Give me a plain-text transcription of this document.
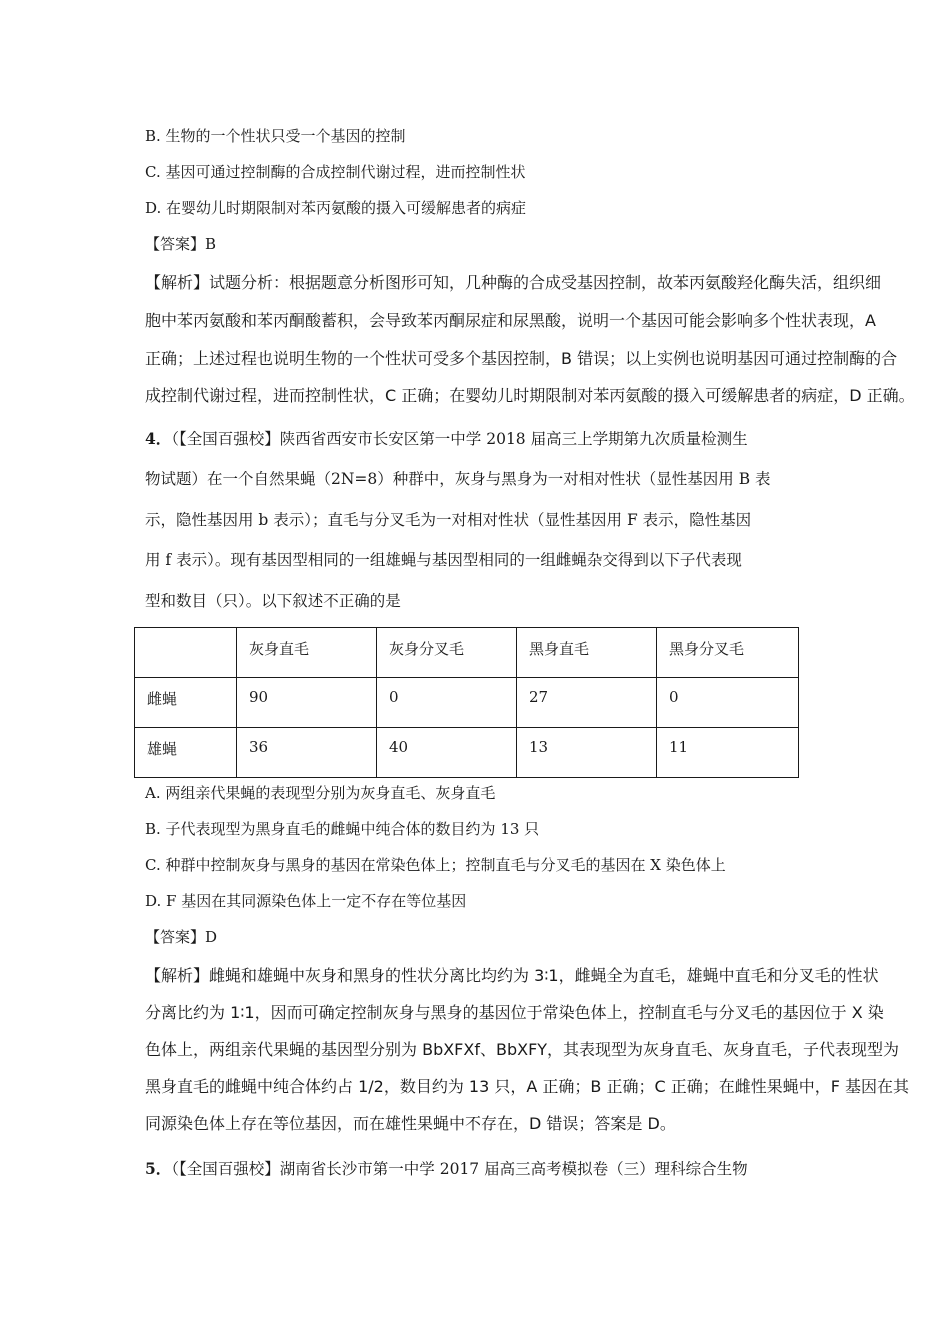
B. 生物的一个性状只受一个基因的控制
C. 基因可通过控制酶的合成控制代谢过程，进而控制性状
D. 在婴幼儿时期限制对苯丙氨酸的摄入可缓解患者的病症
【答案】B
【解析】试题分析：根据题意分析图形可知，几种酶的合成受基因控制，故苯丙氨酸羟化酶失活，组织细
胞中苯丙氨酸和苯丙酮酸蓄积，会导致苯丙酮尿症和尿黑酸，说明一个基因可能会影响多个性状表现，A
正确；上述过程也说明生物的一个性状可受多个基因控制，B 错误；以上实例也说明基因可通过控制酶的合
成控制代谢过程，进而控制性状，C 正确；在婴幼儿时期限制对苯丙氨酸的摄入可缓解患者的病症，D 正确。
4．（【全国百强校】陕西省西安市长安区第一中学 2018 届高三上学期第九次质量检测生
物试题）在一个自然果蝇（2N=8）种群中，灰身与黑身为一对相对性状（显性基因用 B 表
示，隐性基因用 b 表示）；直毛与分叉毛为一对相对性状（显性基因用 F 表示，隐性基因
用 f 表示）。现有基因型相同的一组雄蝇与基因型相同的一组雌蝇杂交得到以下子代表现
型和数目（只）。以下叙述不正确的是
	灰身直毛	灰身分叉毛	黑身直毛	黑身分叉毛
雌蝇	90	0	27	0
雄蝇	36	40	13	11
A. 两组亲代果蝇的表现型分别为灰身直毛、灰身直毛
B. 子代表现型为黑身直毛的雌蝇中纯合体的数目约为 13 只
C. 种群中控制灰身与黑身的基因在常染色体上；控制直毛与分叉毛的基因在 X 染色体上
D. F 基因在其同源染色体上一定不存在等位基因
【答案】D
【解析】雌蝇和雄蝇中灰身和黑身的性状分离比均约为 3∶1，雌蝇全为直毛，雄蝇中直毛和分叉毛的性状
分离比约为 1∶1，因而可确定控制灰身与黑身的基因位于常染色体上，控制直毛与分叉毛的基因位于 X 染
色体上，两组亲代果蝇的基因型分别为 BbXFXf、BbXFY，其表现型为灰身直毛、灰身直毛，子代表现型为
黑身直毛的雌蝇中纯合体约占 1/2，数目约为 13 只，A 正确；B 正确；C 正确；在雌性果蝇中，F 基因在其
同源染色体上存在等位基因，而在雄性果蝇中不存在，D 错误；答案是 D。
5．（【全国百强校】湖南省长沙市第一中学 2017 届高三高考模拟卷（三）理科综合生物
